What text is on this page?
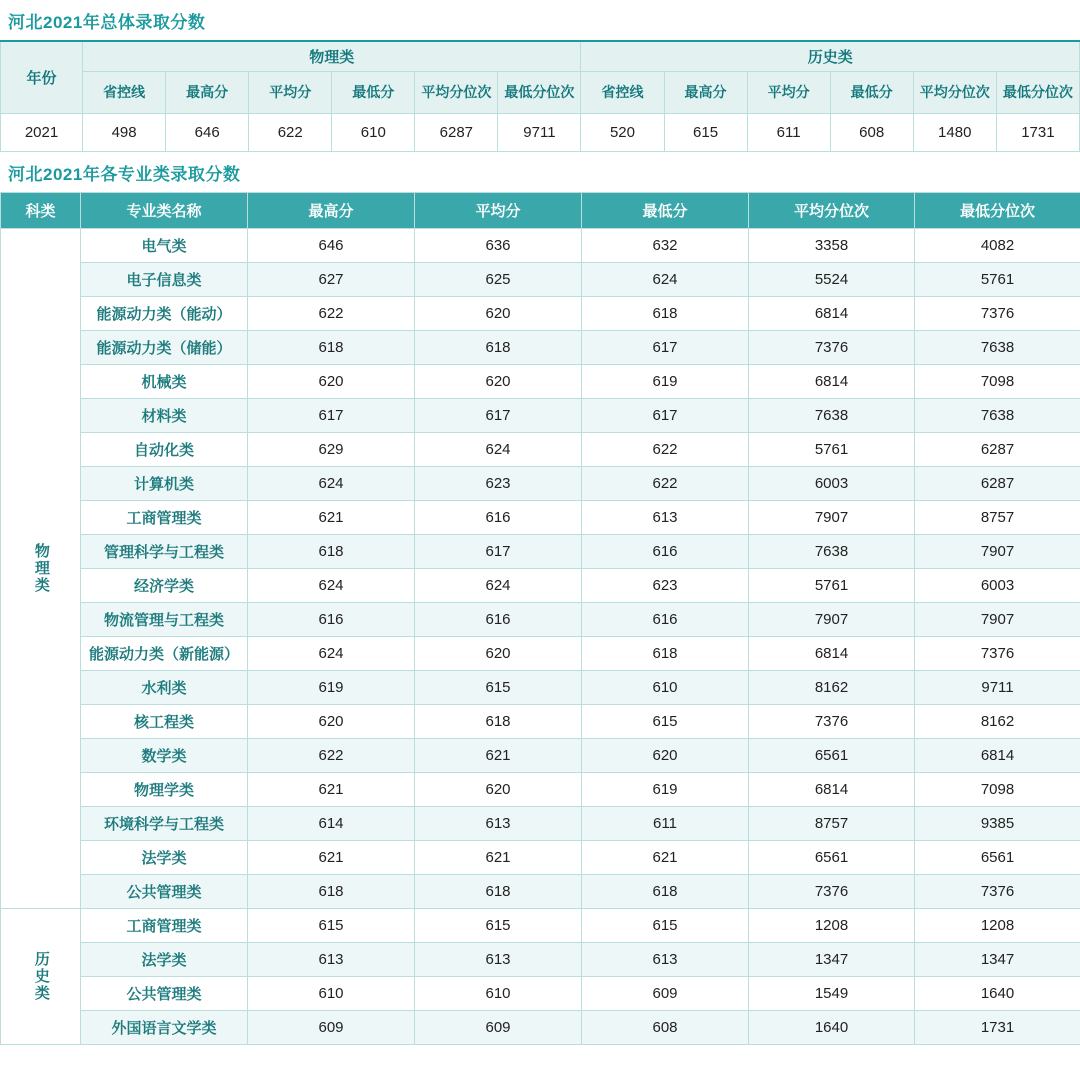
河北2021年总体录取分数
年份	物理类						历史类					
	省控线	最高分	平均分	最低分	平均分位次	最低分位次	省控线	最高分	平均分	最低分	平均分位次	最低分位次
2021	498	646	622	610	6287	9711	520	615	611	608	1480	1731
河北2021年各专业类录取分数
科类	专业类名称	最高分	平均分	最低分	平均分位次	最低分位次
物理类	电气类	646	636	632	3358	4082
	电子信息类	627	625	624	5524	5761
	能源动力类（能动）	622	620	618	6814	7376
	能源动力类（储能）	618	618	617	7376	7638
	机械类	620	620	619	6814	7098
	材料类	617	617	617	7638	7638
	自动化类	629	624	622	5761	6287
	计算机类	624	623	622	6003	6287
	工商管理类	621	616	613	7907	8757
	管理科学与工程类	618	617	616	7638	7907
	经济学类	624	624	623	5761	6003
	物流管理与工程类	616	616	616	7907	7907
	能源动力类（新能源）	624	620	618	6814	7376
	水利类	619	615	610	8162	9711
	核工程类	620	618	615	7376	8162
	数学类	622	621	620	6561	6814
	物理学类	621	620	619	6814	7098
	环境科学与工程类	614	613	611	8757	9385
	法学类	621	621	621	6561	6561
	公共管理类	618	618	618	7376	7376
历史类	工商管理类	615	615	615	1208	1208
	法学类	613	613	613	1347	1347
	公共管理类	610	610	609	1549	1640
	外国语言文学类	609	609	608	1640	1731
